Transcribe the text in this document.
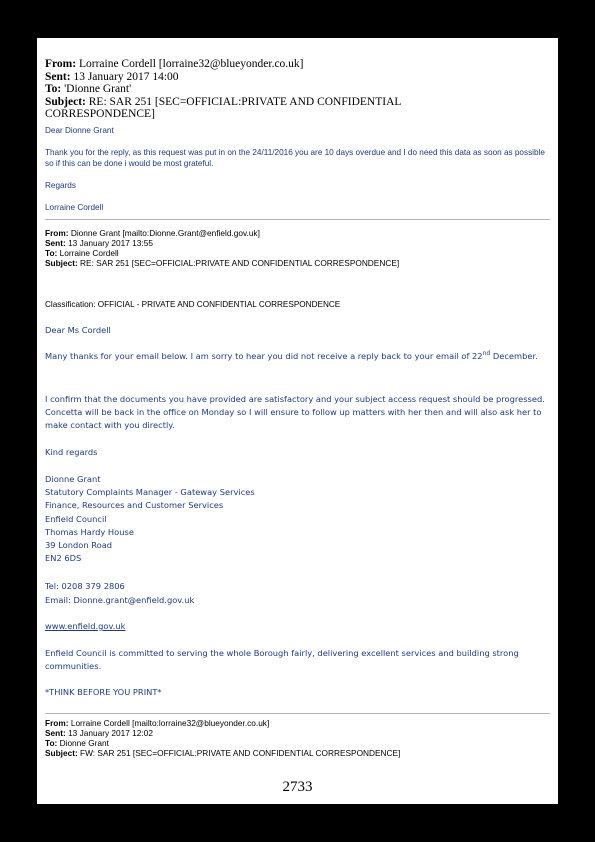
From: Lorraine Cordell [lorraine32@blueyonder.co.uk]
Sent: 13 January 2017 14:00
To: 'Dionne Grant'
Subject: RE: SAR 251 [SEC=OFFICIAL:PRIVATE AND CONFIDENTIAL
CORRESPONDENCE]
Dear Dionne Grant
Thank you for the reply, as this request was put in on the 24/11/2016 you are 10 days overdue and I do need this data as soon as possible so if this can be done i would be most grateful.
Regards
Lorraine Cordell
From: Dionne Grant [mailto:Dionne.Grant@enfield.gov.uk]
Sent: 13 January 2017 13:55
To: Lorraine Cordell
Subject: RE: SAR 251 [SEC=OFFICIAL:PRIVATE AND CONFIDENTIAL CORRESPONDENCE]
Classification: OFFICIAL - PRIVATE AND CONFIDENTIAL CORRESPONDENCE
Dear Ms Cordell
Many thanks for your email below. I am sorry to hear you did not receive a reply back to your email of 22nd December.
I confirm that the documents you have provided are satisfactory and your subject access request should be progressed. Concetta will be back in the office on Monday so I will ensure to follow up matters with her then and will also ask her to make contact with you directly.
Kind regards
Dionne Grant
Statutory Complaints Manager - Gateway Services
Finance, Resources and Customer Services
Enfield Council
Thomas Hardy House
39 London Road
EN2 6DS
Tel: 0208 379 2806
Email: Dionne.grant@enfield.gov.uk
www.enfield.gov.uk
Enfield Council is committed to serving the whole Borough fairly, delivering excellent services and building strong communities.
*THINK BEFORE YOU PRINT*
From: Lorraine Cordell [mailto:lorraine32@blueyonder.co.uk]
Sent: 13 January 2017 12:02
To: Dionne Grant
Subject: FW: SAR 251 [SEC=OFFICIAL:PRIVATE AND CONFIDENTIAL CORRESPONDENCE]
2733
